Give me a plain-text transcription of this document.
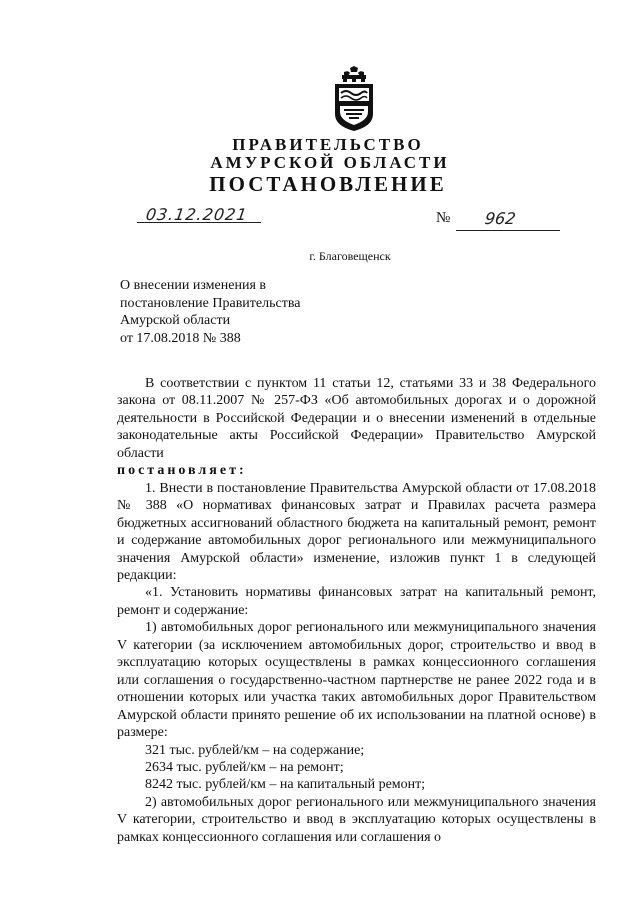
ПРАВИТЕЛЬСТВО
АМУРСКОЙ ОБЛАСТИ
ПОСТАНОВЛЕНИЕ
03.12.2021	№ 962
г. Благовещенск
О внесении изменения в
постановление Правительства
Амурской области
от 17.08.2018 № 388

В соответствии с пунктом 11 статьи 12, статьями 33 и 38 Федерального закона от 08.11.2007 № 257-ФЗ «Об автомобильных дорогах и о дорожной деятельности в Российской Федерации и о внесении изменений в отдельные законодательные акты Российской Федерации» Правительство Амурской области

постановляет:

1. Внести в постановление Правительства Амурской области от 17.08.2018 № 388 «О нормативах финансовых затрат и Правилах расчета размера бюджетных ассигнований областного бюджета на капитальный ремонт, ремонт и содержание автомобильных дорог регионального или межмуниципального значения Амурской области» изменение, изложив пункт 1 в следующей редакции:

«1. Установить нормативы финансовых затрат на капитальный ремонт, ремонт и содержание:

1) автомобильных дорог регионального или межмуниципального значения V категории (за исключением автомобильных дорог, строительство и ввод в эксплуатацию которых осуществлены в рамках концессионного соглашения или соглашения о государственно-частном партнерстве не ранее 2022 года и в отношении которых или участка таких автомобильных дорог Правительством Амурской области принято решение об их использовании на платной основе) в размере:

321 тыс. рублей/км – на содержание;

2634 тыс. рублей/км – на ремонт;

8242 тыс. рублей/км – на капитальный ремонт;

2) автомобильных дорог регионального или межмуниципального значения V категории, строительство и ввод в эксплуатацию которых осуществлены в рамках концессионного соглашения или соглашения о
